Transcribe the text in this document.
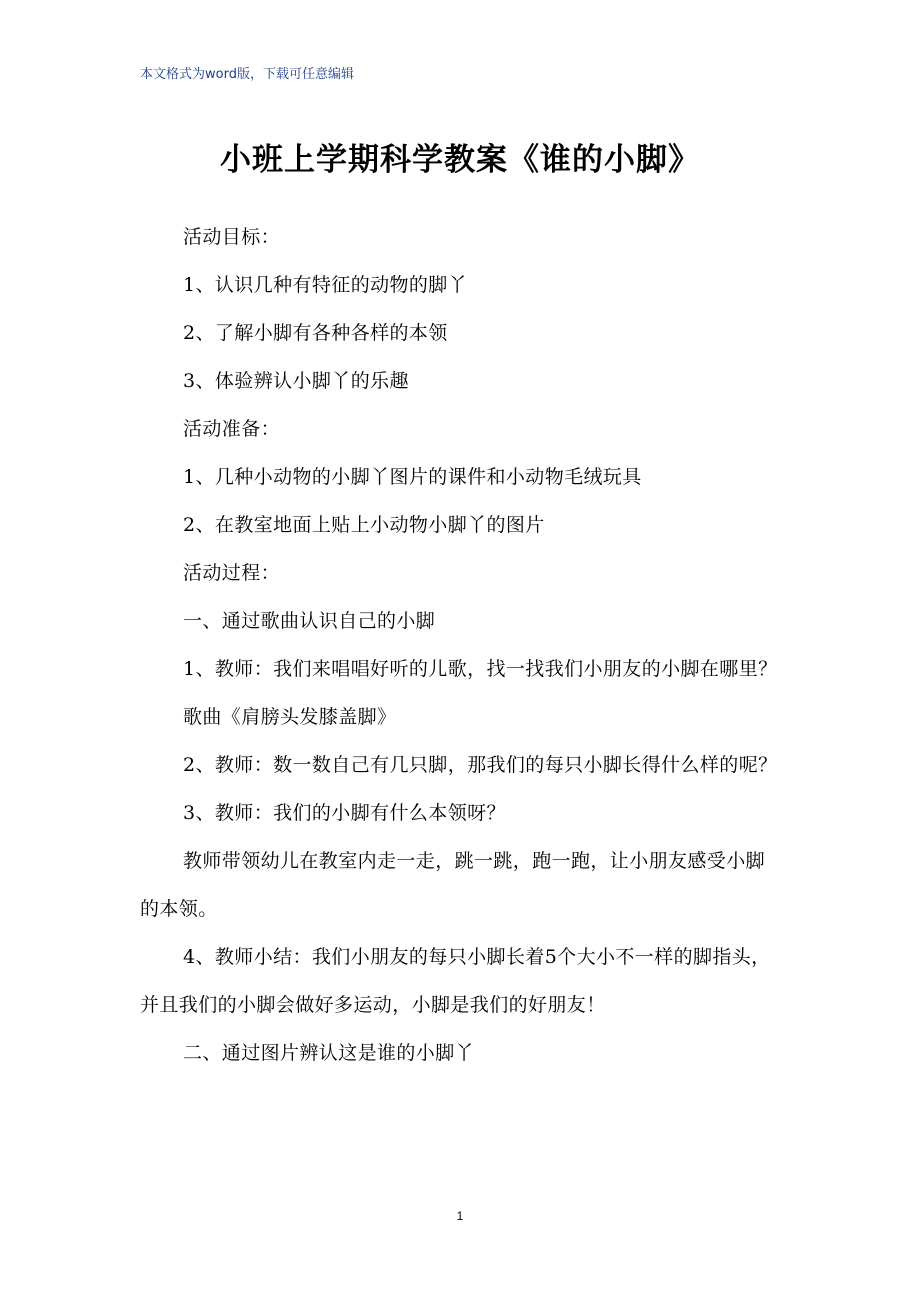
本文格式为word版，下载可任意编辑
小班上学期科学教案《谁的小脚》

活动目标：

1、认识几种有特征的动物的脚丫

2、了解小脚有各种各样的本领

3、体验辨认小脚丫的乐趣

活动准备：

1、几种小动物的小脚丫图片的课件和小动物毛绒玩具

2、在教室地面上贴上小动物小脚丫的图片

活动过程：

一、通过歌曲认识自己的小脚

1、教师：我们来唱唱好听的儿歌，找一找我们小朋友的小脚在哪里？

歌曲《肩膀头发膝盖脚》

2、教师：数一数自己有几只脚，那我们的每只小脚长得什么样的呢？

3、教师：我们的小脚有什么本领呀？

教师带领幼儿在教室内走一走，跳一跳，跑一跑，让小朋友感受小脚的本领。

4、教师小结：我们小朋友的每只小脚长着5个大小不一样的脚指头，并且我们的小脚会做好多运动，小脚是我们的好朋友！

二、通过图片辨认这是谁的小脚丫

1
